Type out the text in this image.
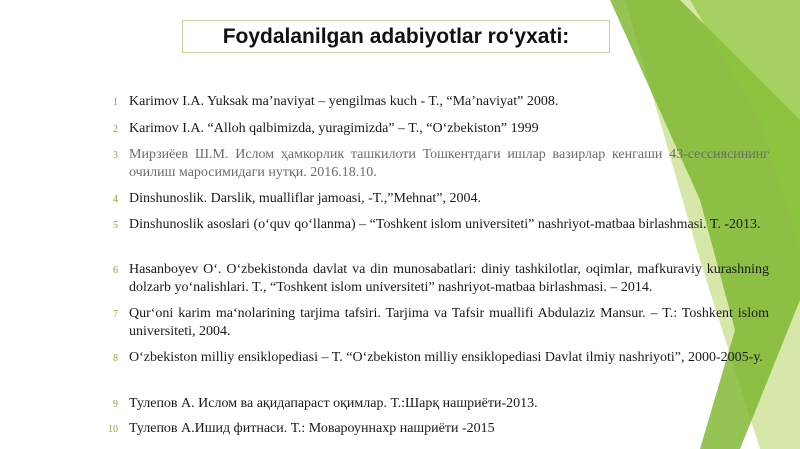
Foydalanilgan adabiyotlar ro‘yxati:
1 Karimov I.A. Yuksak ma’naviyat – yengilmas kuch - T., “Ma’naviyat” 2008.
2 Karimov I.A. “Alloh qalbimizda, yuragimizda” – T., “O‘zbekiston” 1999
3 Мирзиёев Ш.М. Ислом ҳамкорлик ташкилоти Тошкентдаги ишлар вазирлар кенгаши 43-сессиясининг очилиш маросимидаги нутқи. 2016.18.10.
4 Dinshunoslik. Darslik, mualliflar jamoasi, -T.,”Mehnat”, 2004.
5 Dinshunoslik asoslari (o‘quv qo‘llanma) – “Toshkent islom universiteti” nashriyot-matbaa birlashmasi. T. -2013.
6 Hasanboyev O‘. O‘zbekistonda davlat va din munosabatlari: diniy tashkilotlar, oqimlar, mafkuraviy kurashning dolzarb yo‘nalishlari. T., “Toshkent islom universiteti” nashriyot-matbaa birlashmasi. – 2014.
7 Qur‘oni karim ma‘nolarining tarjima tafsiri. Tarjima va Tafsir muallifi Abdulaziz Mansur. – T.: Toshkent islom universiteti, 2004.
8 O‘zbekiston milliy ensiklopediasi – T. “O‘zbekiston milliy ensiklopediasi Davlat ilmiy nashriyoti”, 2000-2005-y.
9 Тулепов А. Ислом ва ақидапараст оқимлар. Т.:Шарқ нашриёти-2013.
10 Тулепов А.Ишид фитнаси. Т.: Мовароуннахр нашриёти -2015
